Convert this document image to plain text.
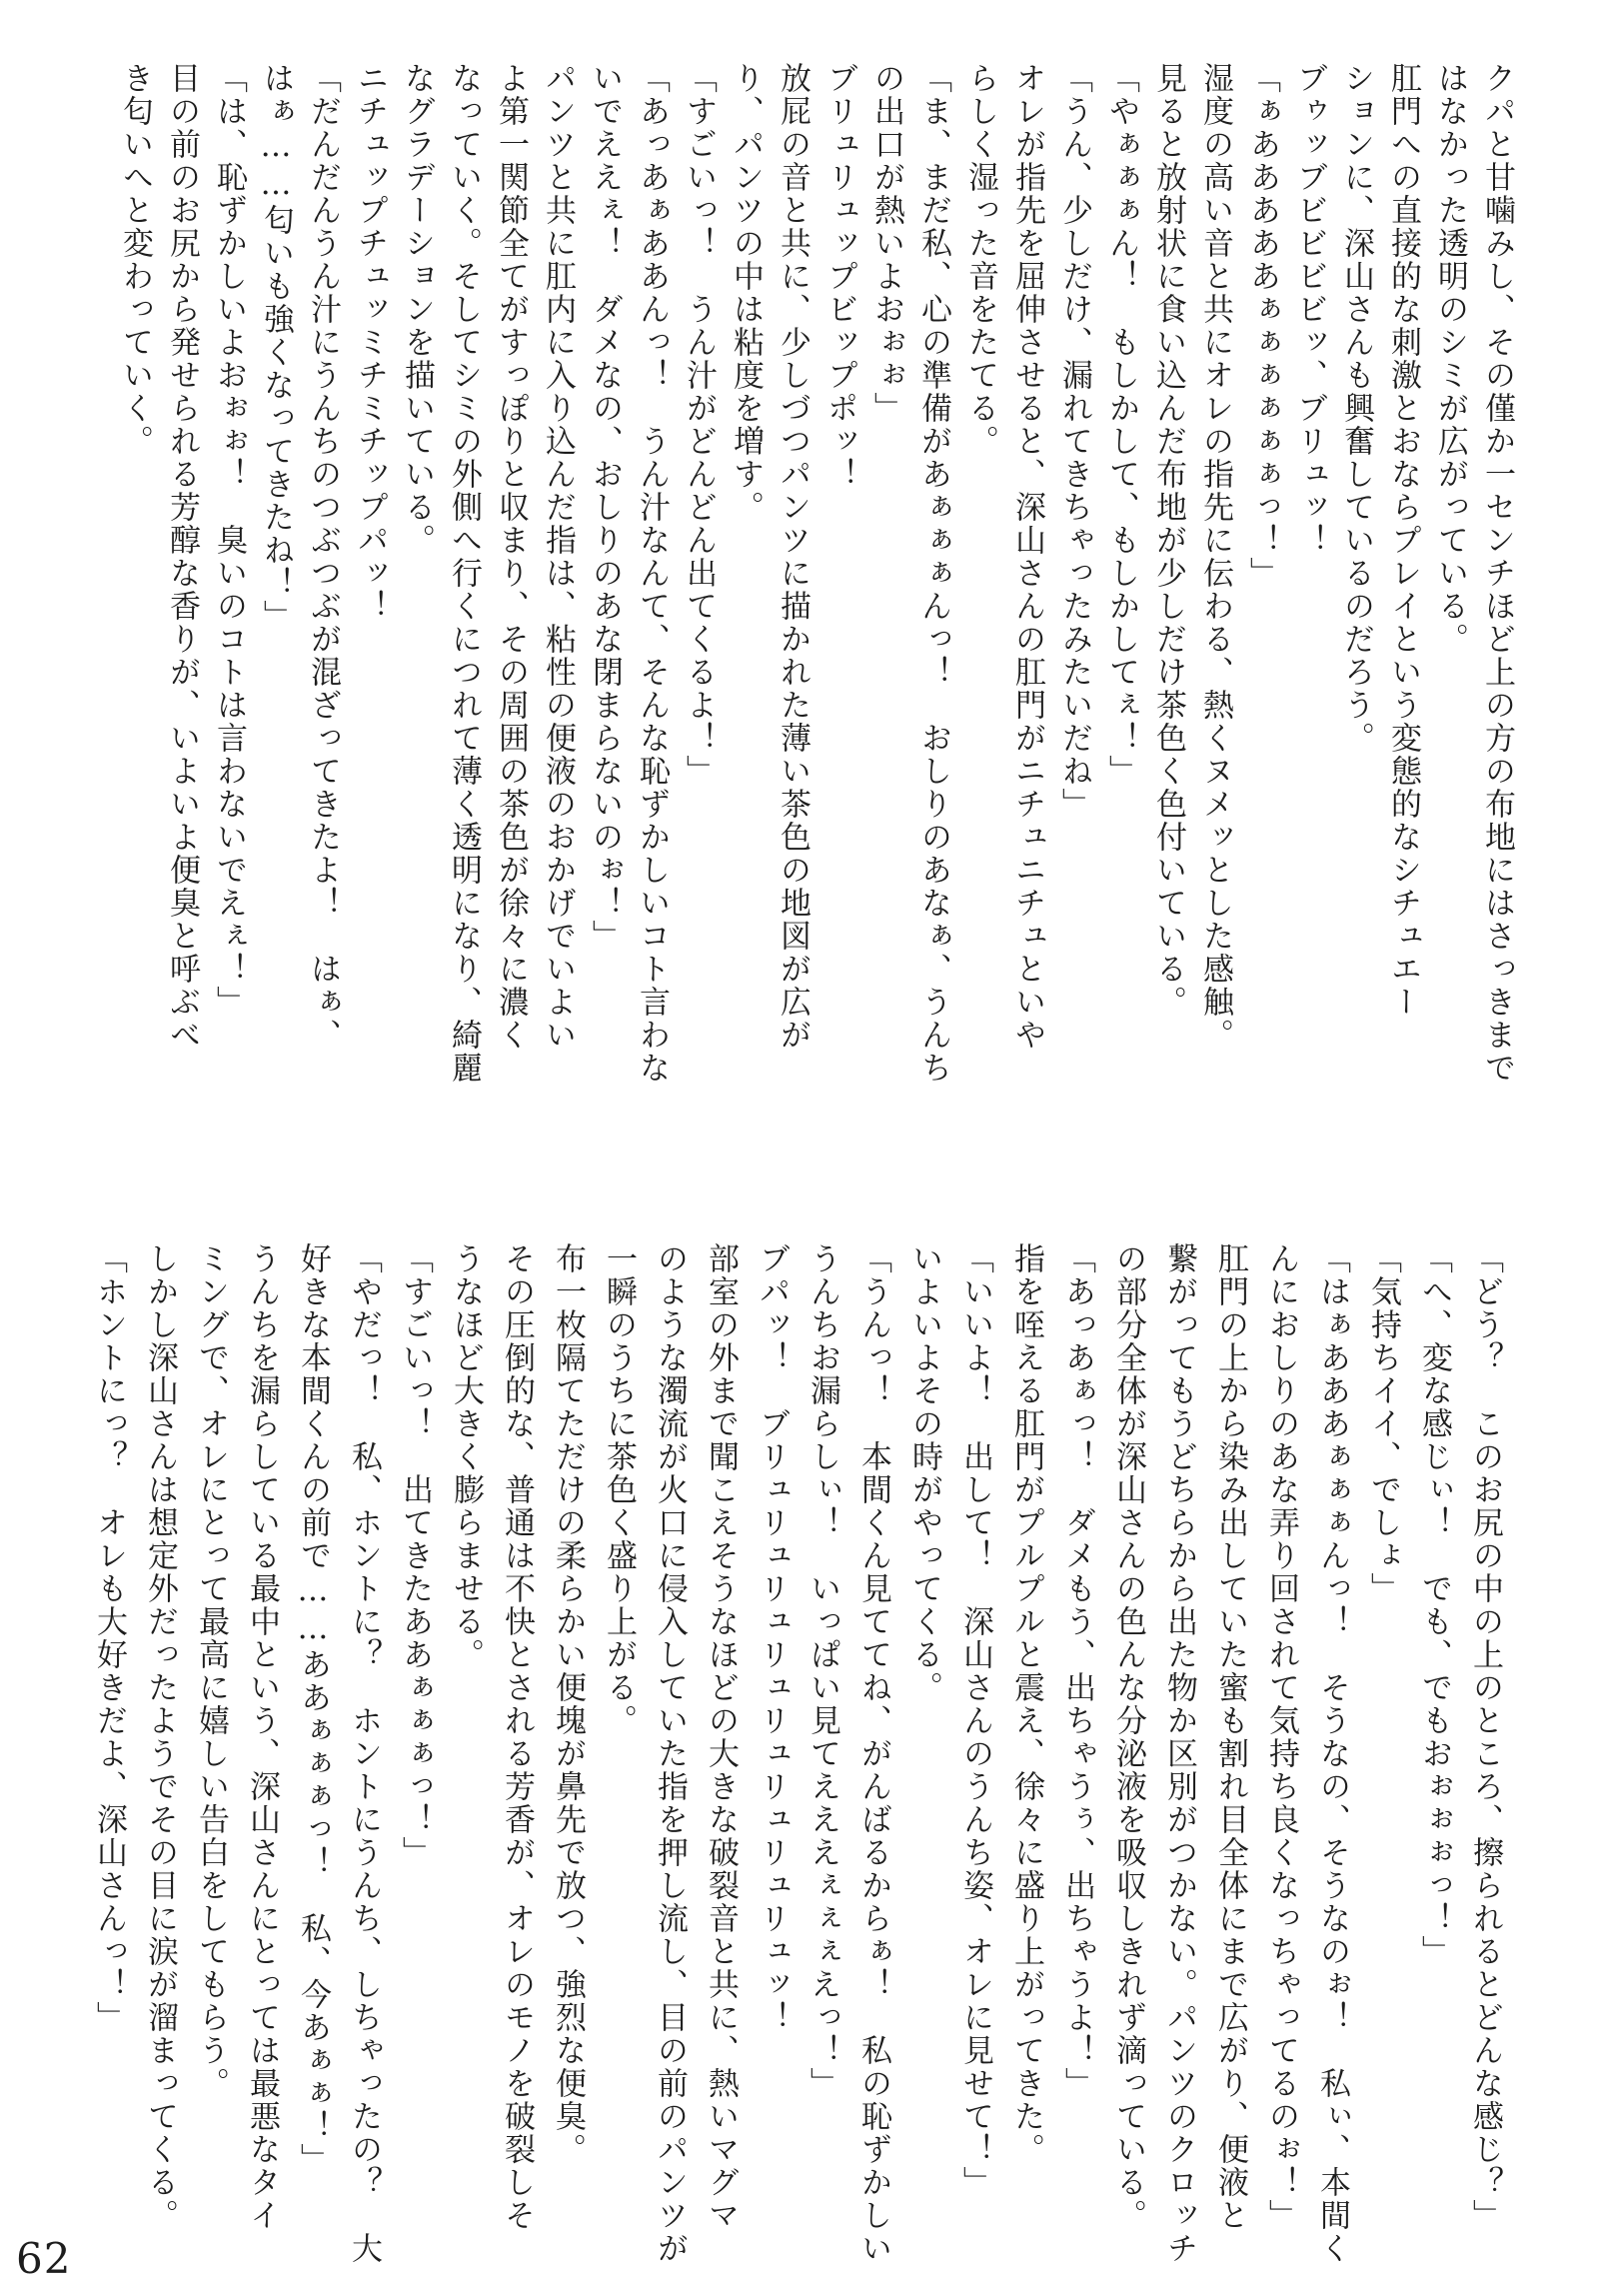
クパと甘噛みし、その僅か一センチほど上の方の布地にはさっきまで

はなかった透明のシミが広がっている。

肛門への直接的な刺激とおならプレイという変態的なシチュエー

ションに、深山さんも興奮しているのだろう。

ブゥッブビビビビッ、ブリュッ！

「ぁあああああぁぁぁぁぁぁっ！」

湿度の高い音と共にオレの指先に伝わる、熱くヌメッとした感触。

見ると放射状に食い込んだ布地が少しだけ茶色く色付いている。

「やぁぁぁん！　もしかして、もしかしてぇ！」

「うん、少しだけ、漏れてきちゃったみたいだね」

オレが指先を屈伸させると、深山さんの肛門がニチュニチュといや

らしく湿った音をたてる。

「ま、まだ私、心の準備があぁぁぁんっ！　おしりのあなぁ、うんち

の出口が熱いよおぉぉ」

ブリュリュップビップポッ！

放屁の音と共に、少しづつパンツに描かれた薄い茶色の地図が広が

り、パンツの中は粘度を増す。

「すごいっ！　うん汁がどんどん出てくるよ！」

「あっあぁああんっ！　うん汁なんて、そんな恥ずかしいコト言わな

いでええぇ！　ダメなの、おしりのあな閉まらないのぉ！」

パンツと共に肛内に入り込んだ指は、粘性の便液のおかげでいよい

よ第一関節全てがすっぽりと収まり、その周囲の茶色が徐々に濃く

なっていく。そしてシミの外側へ行くにつれて薄く透明になり、綺麗

なグラデーションを描いている。

ニチュップチュッミチミチップパッ！

「だんだんうん汁にうんちのつぶつぶが混ざってきたよ！　はぁ、

はぁ……匂いも強くなってきたね！」

「は、恥ずかしいよおぉぉ！　臭いのコトは言わないでえぇ！」

目の前のお尻から発せられる芳醇な香りが、いよいよ便臭と呼ぶべ

き匂いへと変わっていく。

「どう？　このお尻の中の上のところ、擦られるとどんな感じ？」

「へ、変な感じぃ！　でも、でもおぉぉぉっ！」

「気持ちイイ、でしょ」

「はぁあああぁぁぁんっ！　そうなの、そうなのぉ！　私ぃ、本間く

んにおしりのあな弄り回されて気持ち良くなっちゃってるのぉ！」

肛門の上から染み出していた蜜も割れ目全体にまで広がり、便液と

繋がってもうどちらから出た物か区別がつかない。パンツのクロッチ

の部分全体が深山さんの色んな分泌液を吸収しきれず滴っている。

「あっあぁっ！　ダメもう、出ちゃうぅ、出ちゃうよ！」

指を咥える肛門がプルプルと震え、徐々に盛り上がってきた。

「いいよ！　出して！　深山さんのうんち姿、オレに見せて！」

いよいよその時がやってくる。

「うんっ！　本間くん見ててね、がんばるからぁ！　私の恥ずかしい

うんちお漏らしぃ！　いっぱい見てえええぇぇぇえっ！」

ブパッ！　ブリュリュリュリュリュリュリュリュッ！

部室の外まで聞こえそうなほどの大きな破裂音と共に、熱いマグマ

のような濁流が火口に侵入していた指を押し流し、目の前のパンツが

一瞬のうちに茶色く盛り上がる。

布一枚隔てただけの柔らかい便塊が鼻先で放つ、強烈な便臭。

その圧倒的な、普通は不快とされる芳香が、オレのモノを破裂しそ

うなほど大きく膨らませる。

「すごいっ！　出てきたああぁぁぁっ！」

「やだっ！　私、ホントに？　ホントにうんち、しちゃったの？　大

好きな本間くんの前で……ああぁぁぁっ！　私、今あぁぁ！」

うんちを漏らしている最中という、深山さんにとっては最悪なタイ

ミングで、オレにとって最高に嬉しい告白をしてもらう。

しかし深山さんは想定外だったようでその目に涙が溜まってくる。

「ホントにっ？　オレも大好きだよ、深山さんっ！」

62
